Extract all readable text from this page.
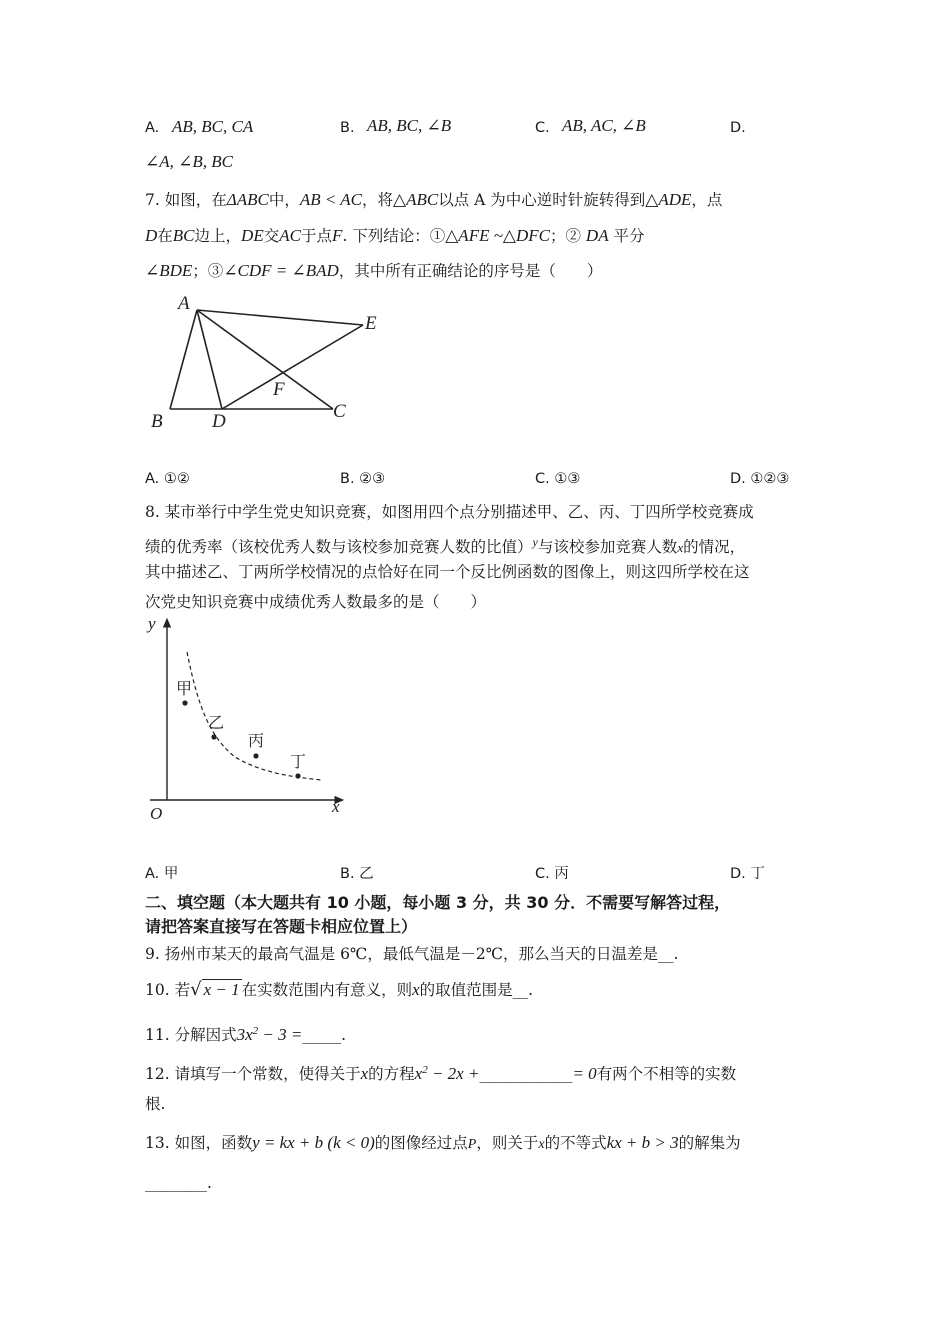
A. AB, BC, CA	B. AB, BC, ∠B	C. AB, AC, ∠B	D.
∠A, ∠B, BC
7. 如图，在ΔABC中，AB < AC，将△ABC以点 A 为中心逆时针旋转得到△ADE，点
D在BC边上，DE交AC于点F. 下列结论：①△AFE ~△DFC；② DA 平分
∠BDE；③∠CDF = ∠BAD，其中所有正确结论的序号是（　　）
A
B	C
D
E
F
A. ①②	B. ②③	C. ①③	D. ①②③
8. 某市举行中学生党史知识竞赛，如图用四个点分别描述甲、乙、丙、丁四所学校竞赛成
绩的优秀率（该校优秀人数与该校参加竞赛人数的比值）$^y$与该校参加竞赛人数x的情况，
其中描述乙、丁两所学校情况的点恰好在同一个反比例函数的图像上，则这四所学校在这
次党史知识竞赛中成绩优秀人数最多的是（　　）
y
x
O
甲
乙
丙
丁
A. 甲	B. 乙	C. 丙	D. 丁
二、填空题（本大题共有 10 小题，每小题 3 分，共 30 分．不需要写解答过程，
请把答案直接写在答题卡相应位置上）
9. 扬州市某天的最高气温是 6℃，最低气温是－2℃，那么当天的日温差是__.
10. 若√ x − 1 在实数范围内有意义，则x的取值范围是__.
11. 分解因式$3x^2 - 3$ =_____.
12. 请填写一个常数，使得关于x的方程$x^2 - 2x$ +____________= 0有两个不相等的实数
根.
13. 如图，函数y = kx + b (k < 0)的图像经过点P，则关于x的不等式kx + b > 3的解集为
________.
